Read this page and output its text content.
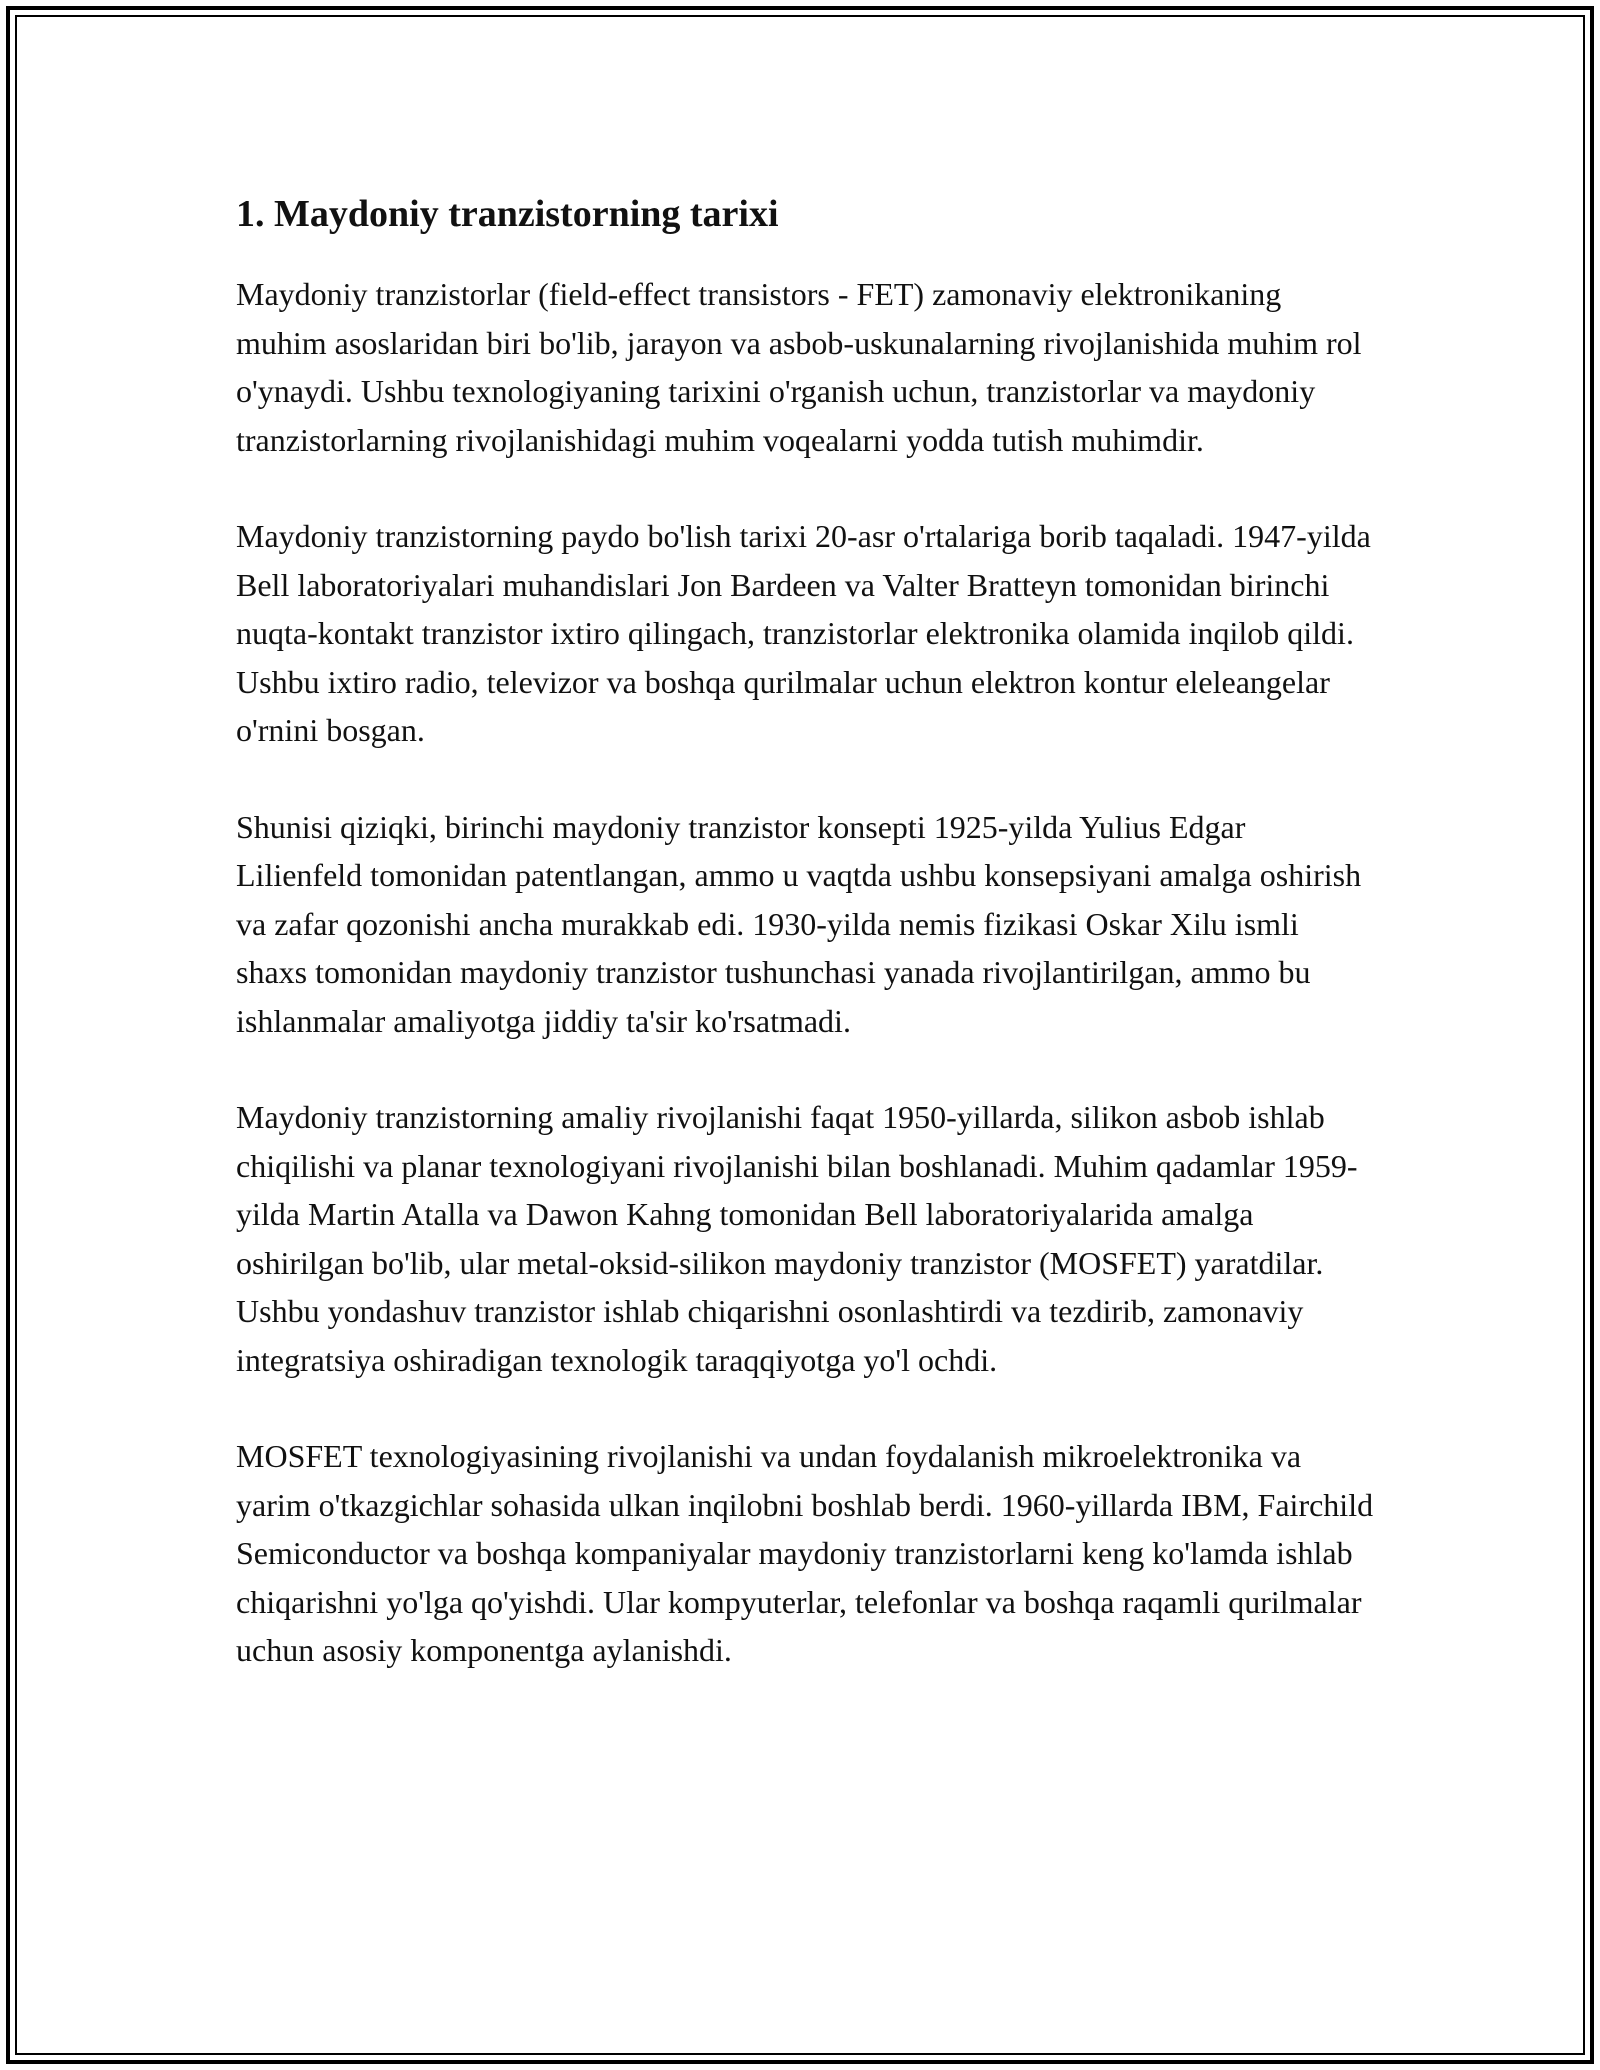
1. Maydoniy tranzistorning tarixi

Maydoniy tranzistorlar (field-effect transistors - FET) zamonaviy elektronikaning muhim asoslaridan biri bo'lib, jarayon va asbob-uskunalarning rivojlanishida muhim rol o'ynaydi. Ushbu texnologiyaning tarixini o'rganish uchun, tranzistorlar va maydoniy tranzistorlarning rivojlanishidagi muhim voqealarni yodda tutish muhimdir.

Maydoniy tranzistorning paydo bo'lish tarixi 20-asr o'rtalariga borib taqaladi. 1947-yilda Bell laboratoriyalari muhandislari Jon Bardeen va Valter Bratteyn tomonidan birinchi nuqta-kontakt tranzistor ixtiro qilingach, tranzistorlar elektronika olamida inqilob qildi. Ushbu ixtiro radio, televizor va boshqa qurilmalar uchun elektron kontur eleleangelar o'rnini bosgan.

Shunisi qiziqki, birinchi maydoniy tranzistor konsepti 1925-yilda Yulius Edgar Lilienfeld tomonidan patentlangan, ammo u vaqtda ushbu konsepsiyani amalga oshirish va zafar qozonishi ancha murakkab edi. 1930-yilda nemis fizikasi Oskar Xilu ismli shaxs tomonidan maydoniy tranzistor tushunchasi yanada rivojlantirilgan, ammo bu ishlanmalar amaliyotga jiddiy ta'sir ko'rsatmadi.

Maydoniy tranzistorning amaliy rivojlanishi faqat 1950-yillarda, silikon asbob ishlab chiqilishi va planar texnologiyani rivojlanishi bilan boshlanadi. Muhim qadamlar 1959-yilda Martin Atalla va Dawon Kahng tomonidan Bell laboratoriyalarida amalga oshirilgan bo'lib, ular metal-oksid-silikon maydoniy tranzistor (MOSFET) yaratdilar. Ushbu yondashuv tranzistor ishlab chiqarishni osonlashtirdi va tezdirib, zamonaviy integratsiya oshiradigan texnologik taraqqiyotga yo'l ochdi.

MOSFET texnologiyasining rivojlanishi va undan foydalanish mikroelektronika va yarim o'tkazgichlar sohasida ulkan inqilobni boshlab berdi. 1960-yillarda IBM, Fairchild Semiconductor va boshqa kompaniyalar maydoniy tranzistorlarni keng ko'lamda ishlab chiqarishni yo'lga qo'yishdi. Ular kompyuterlar, telefonlar va boshqa raqamli qurilmalar uchun asosiy komponentga aylanishdi.
